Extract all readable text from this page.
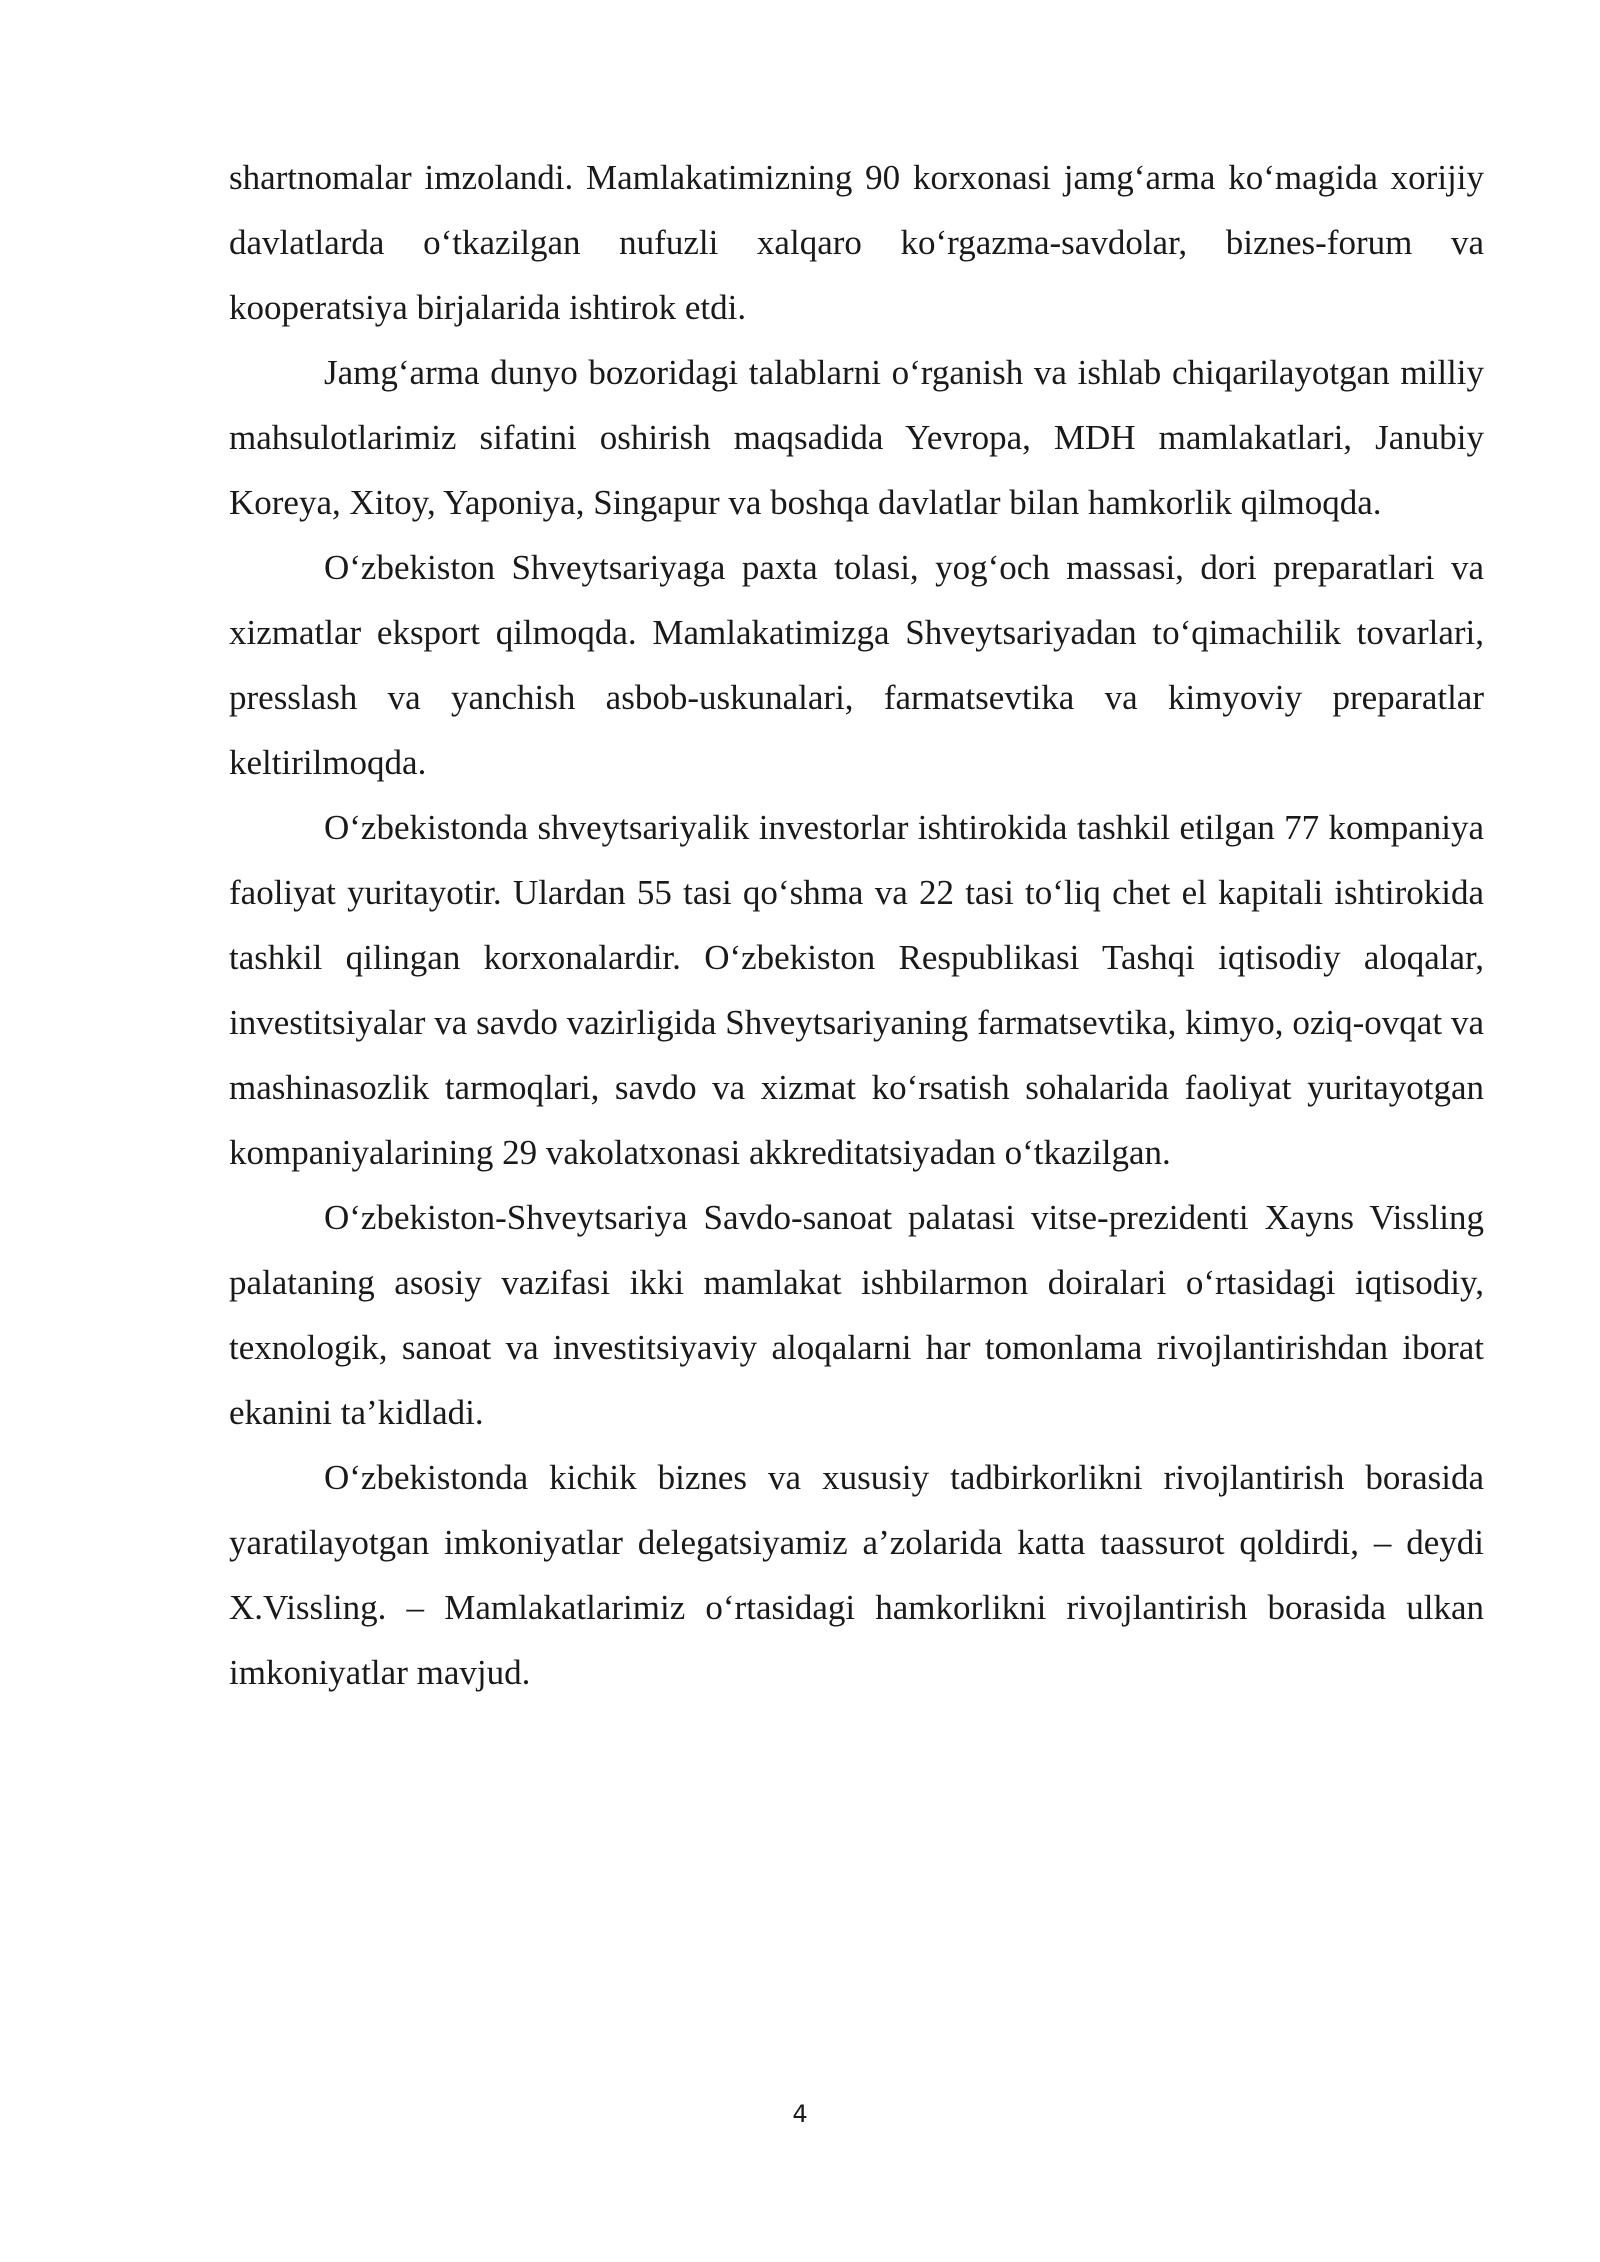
shartnomalar imzolandi. Mamlakatimizning 90 korxonasi jamg‘arma ko‘magida xorijiy davlatlarda o‘tkazilgan nufuzli xalqaro ko‘rgazma-savdolar, biznes-forum va kooperatsiya birjalarida ishtirok etdi.

Jamg‘arma dunyo bozoridagi talablarni o‘rganish va ishlab chiqarilayotgan milliy mahsulotlarimiz sifatini oshirish maqsadida Yevropa, MDH mamlakatlari, Janubiy Koreya, Xitoy, Yaponiya, Singapur va boshqa davlatlar bilan hamkorlik qilmoqda.

O‘zbekiston Shveytsariyaga paxta tolasi, yog‘och massasi, dori preparatlari va xizmatlar eksport qilmoqda. Mamlakatimizga Shveytsariyadan to‘qimachilik tovarlari, presslash va yanchish asbob-uskunalari, farmatsevtika va kimyoviy preparatlar keltirilmoqda.

O‘zbekistonda shveytsariyalik investorlar ishtirokida tashkil etilgan 77 kompaniya faoliyat yuritayotir. Ulardan 55 tasi qo‘shma va 22 tasi to‘liq chet el kapitali ishtirokida tashkil qilingan korxonalardir. O‘zbekiston Respublikasi Tashqi iqtisodiy aloqalar, investitsiyalar va savdo vazirligida Shveytsariyaning farmatsevtika, kimyo, oziq-ovqat va mashinasozlik tarmoqlari, savdo va xizmat ko‘rsatish sohalarida faoliyat yuritayotgan kompaniyalarining 29 vakolatxonasi akkreditatsiyadan o‘tkazilgan.

O‘zbekiston-Shveytsariya Savdo-sanoat palatasi vitse-prezidenti Xayns Vissling palataning asosiy vazifasi ikki mamlakat ishbilarmon doiralari o‘rtasidagi iqtisodiy, texnologik, sanoat va investitsiyaviy aloqalarni har tomonlama rivojlantirishdan iborat ekanini ta’kidladi.

O‘zbekistonda kichik biznes va xususiy tadbirkorlikni rivojlantirish borasida yaratilayotgan imkoniyatlar delegatsiyamiz a’zolarida katta taassurot qoldirdi, – deydi X.Vissling. – Mamlakatlarimiz o‘rtasidagi hamkorlikni rivojlantirish borasida ulkan imkoniyatlar mavjud.

4
